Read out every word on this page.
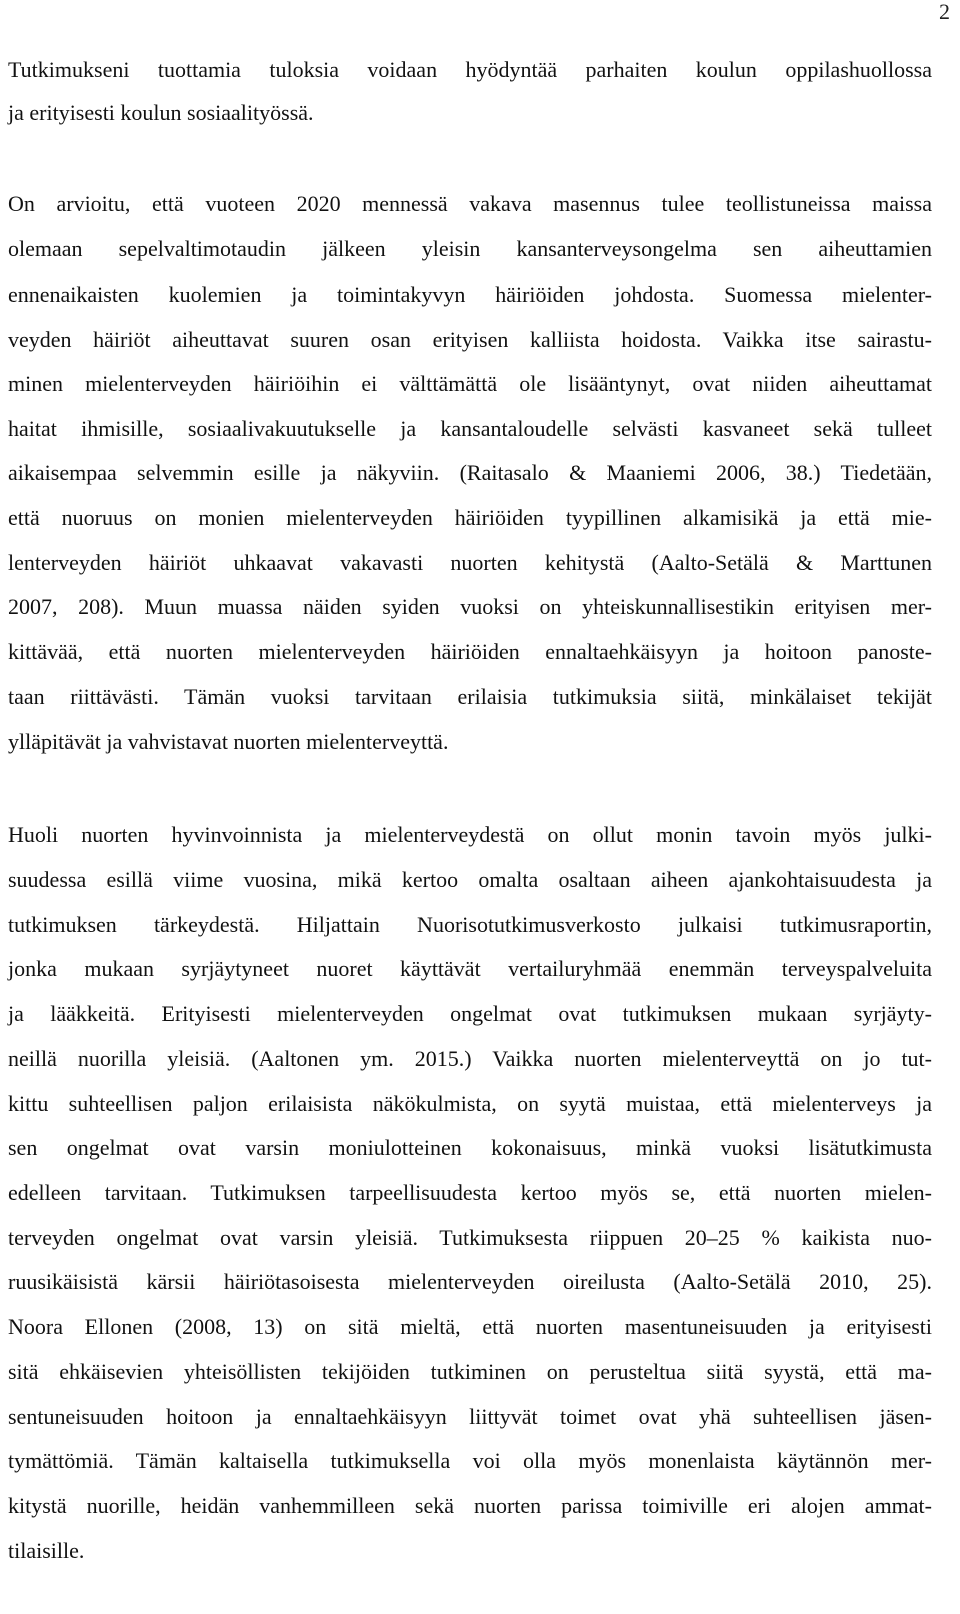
2
Tutkimukseni tuottamia tuloksia voidaan hyödyntää parhaiten koulun oppilashuollossa
ja erityisesti koulun sosiaalityössä.
On arvioitu, että vuoteen 2020 mennessä vakava masennus tulee teollistuneissa maissa
olemaan sepelvaltimotaudin jälkeen yleisin kansanterveysongelma sen aiheuttamien
ennenaikaisten kuolemien ja toimintakyvyn häiriöiden johdosta. Suomessa mielenter-
veyden häiriöt aiheuttavat suuren osan erityisen kalliista hoidosta. Vaikka itse sairastu-
minen mielenterveyden häiriöihin ei välttämättä ole lisääntynyt, ovat niiden aiheuttamat
haitat ihmisille, sosiaalivakuutukselle ja kansantaloudelle selvästi kasvaneet sekä tulleet
aikaisempaa selvemmin esille ja näkyviin. (Raitasalo & Maaniemi 2006, 38.) Tiedetään,
että nuoruus on monien mielenterveyden häiriöiden tyypillinen alkamisikä ja että mie-
lenterveyden häiriöt uhkaavat vakavasti nuorten kehitystä (Aalto-Setälä & Marttunen
2007, 208). Muun muassa näiden syiden vuoksi on yhteiskunnallisestikin erityisen mer-
kittävää, että nuorten mielenterveyden häiriöiden ennaltaehkäisyyn ja hoitoon panoste-
taan riittävästi. Tämän vuoksi tarvitaan erilaisia tutkimuksia siitä, minkälaiset tekijät
ylläpitävät ja vahvistavat nuorten mielenterveyttä.
Huoli nuorten hyvinvoinnista ja mielenterveydestä on ollut monin tavoin myös julki-
suudessa esillä viime vuosina, mikä kertoo omalta osaltaan aiheen ajankohtaisuudesta ja
tutkimuksen tärkeydestä. Hiljattain Nuorisotutkimusverkosto julkaisi tutkimusraportin,
jonka mukaan syrjäytyneet nuoret käyttävät vertailuryhmää enemmän terveyspalveluita
ja lääkkeitä. Erityisesti mielenterveyden ongelmat ovat tutkimuksen mukaan syrjäyty-
neillä nuorilla yleisiä. (Aaltonen ym. 2015.) Vaikka nuorten mielenterveyttä on jo tut-
kittu suhteellisen paljon erilaisista näkökulmista, on syytä muistaa, että mielenterveys ja
sen ongelmat ovat varsin moniulotteinen kokonaisuus, minkä vuoksi lisätutkimusta
edelleen tarvitaan. Tutkimuksen tarpeellisuudesta kertoo myös se, että nuorten mielen-
terveyden ongelmat ovat varsin yleisiä. Tutkimuksesta riippuen 20–25 % kaikista nuo-
ruusikäisistä kärsii häiriötasoisesta mielenterveyden oireilusta (Aalto-Setälä 2010, 25).
Noora Ellonen (2008, 13) on sitä mieltä, että nuorten masentuneisuuden ja erityisesti
sitä ehkäisevien yhteisöllisten tekijöiden tutkiminen on perusteltua siitä syystä, että ma-
sentuneisuuden hoitoon ja ennaltaehkäisyyn liittyvät toimet ovat yhä suhteellisen jäsen-
tymättömiä. Tämän kaltaisella tutkimuksella voi olla myös monenlaista käytännön mer-
kitystä nuorille, heidän vanhemmilleen sekä nuorten parissa toimiville eri alojen ammat-
tilaisille.
